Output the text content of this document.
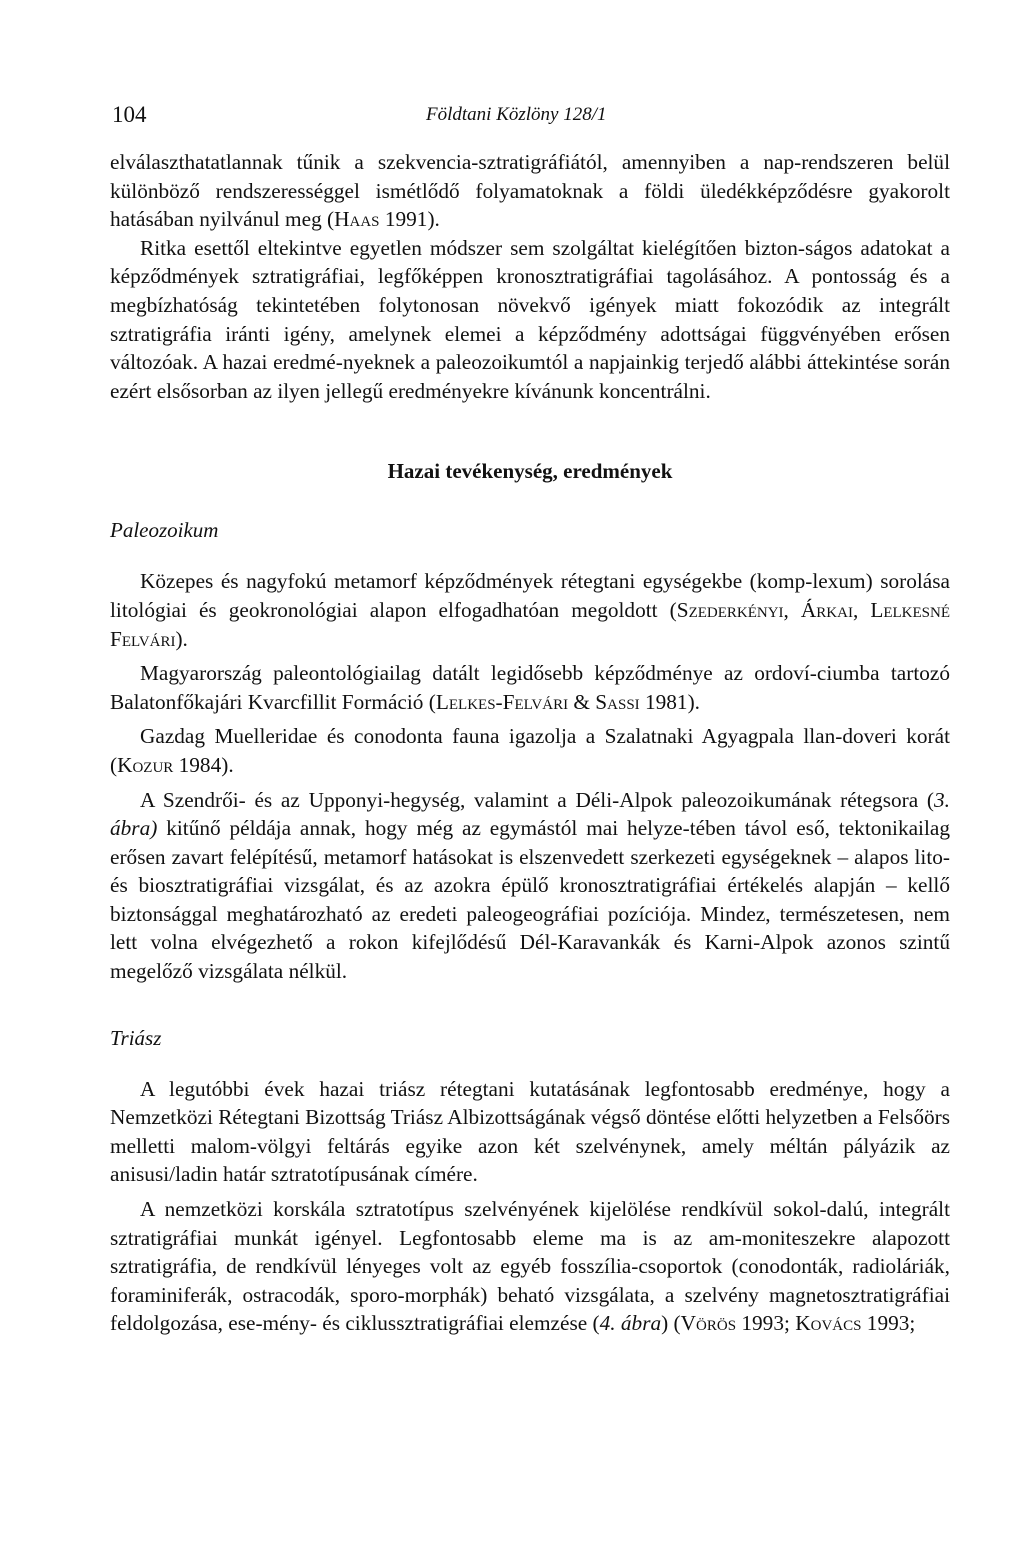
104	Földtani Közlöny 128/1

elválaszthatatlannak tűnik a szekvencia-sztratigráfiától, amennyiben a nap-rendszeren belül különböző rendszerességgel ismétlődő folyamatoknak a földi üledékképződésre gyakorolt hatásában nyilvánul meg (Haas 1991).

Ritka esettől eltekintve egyetlen módszer sem szolgáltat kielégítően bizton-ságos adatokat a képződmények sztratigráfiai, legfőképpen kronosztratigráfiai tagolásához. A pontosság és a megbízhatóság tekintetében folytonosan növekvő igények miatt fokozódik az integrált sztratigráfia iránti igény, amelynek elemei a képződmény adottságai függvényében erősen változóak. A hazai eredmé-nyeknek a paleozoikumtól a napjainkig terjedő alábbi áttekintése során ezért elsősorban az ilyen jellegű eredményekre kívánunk koncentrálni.

Hazai tevékenység, eredmények

Paleozoikum

Közepes és nagyfokú metamorf képződmények rétegtani egységekbe (komp-lexum) sorolása litológiai és geokronológiai alapon elfogadhatóan megoldott (Szederkényi, Árkai, Lelkesné Felvári).

Magyarország paleontológiailag datált legidősebb képződménye az ordoví-ciumba tartozó Balatonfőkajári Kvarcfillit Formáció (Lelkes-Felvári & Sassi 1981).

Gazdag Muelleridae és conodonta fauna igazolja a Szalatnaki Agyagpala llan-doveri korát (Kozur 1984).

A Szendrői- és az Upponyi-hegység, valamint a Déli-Alpok paleozoikumának rétegsora (3. ábra) kitűnő példája annak, hogy még az egymástól mai helyze-tében távol eső, tektonikailag erősen zavart felépítésű, metamorf hatásokat is elszenvedett szerkezeti egységeknek – alapos lito-és biosztratigráfiai vizsgálat, és az azokra épülő kronosztratigráfiai értékelés alapján – kellő biztonsággal meghatározható az eredeti paleogeográfiai pozíciója. Mindez, természetesen, nem lett volna elvégezhető a rokon kifejlődésű Dél-Karavankák és Karni-Alpok azonos szintű megelőző vizsgálata nélkül.

Triász

A legutóbbi évek hazai triász rétegtani kutatásának legfontosabb eredménye, hogy a Nemzetközi Rétegtani Bizottság Triász Albizottságának végső döntése előtti helyzetben a Felsőörs melletti malom-völgyi feltárás egyike azon két szelvénynek, amely méltán pályázik az anisusi/ladin határ sztratotípusának címére.

A nemzetközi korskála sztratotípus szelvényének kijelölése rendkívül sokol-dalú, integrált sztratigráfiai munkát igényel. Legfontosabb eleme ma is az am-moniteszekre alapozott sztratigráfia, de rendkívül lényeges volt az egyéb fosszília-csoportok (conodonták, radioláriák, foraminiferák, ostracodák, sporo-morphák) beható vizsgálata, a szelvény magnetosztratigráfiai feldolgozása, ese-mény- és ciklussztratigráfiai elemzése (4. ábra) (Vörös 1993; Kovács 1993;
